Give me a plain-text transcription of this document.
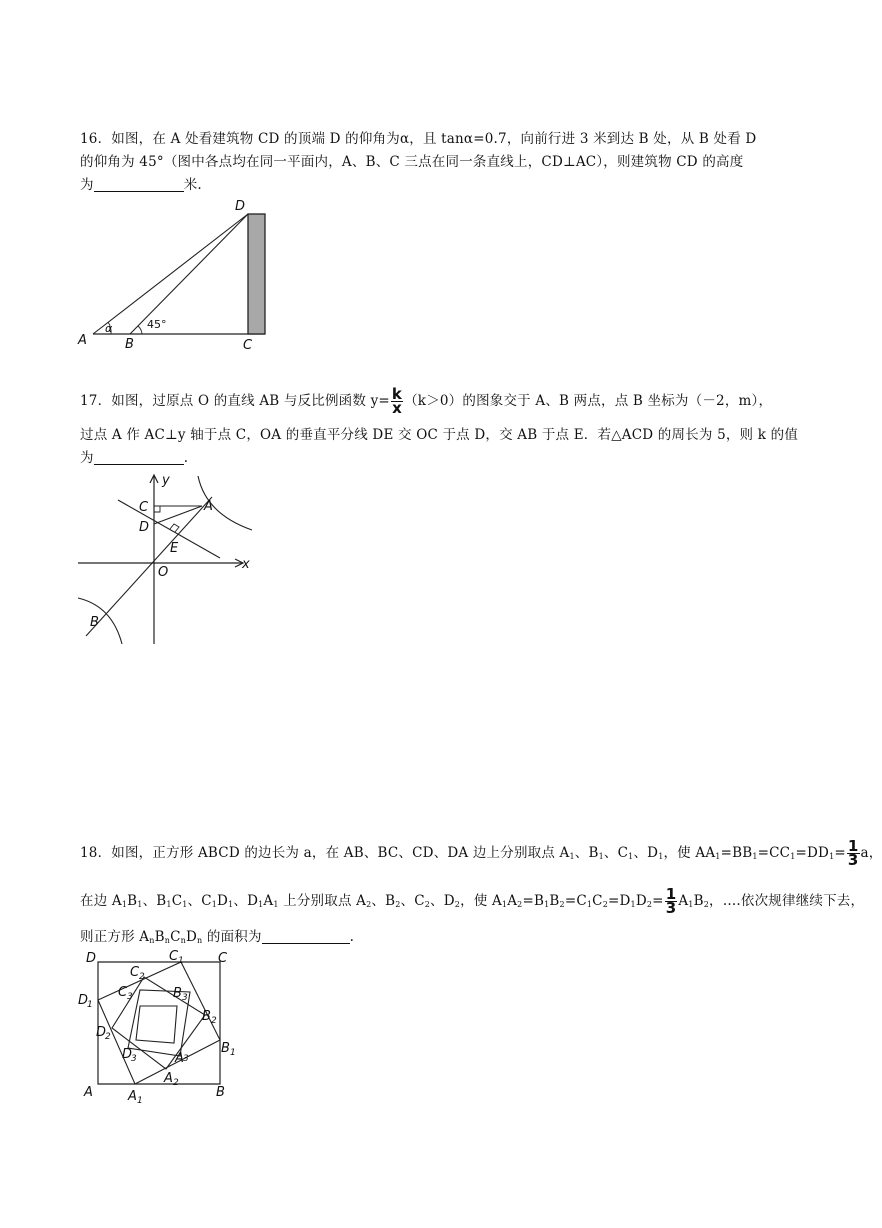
16．如图，在 A 处看建筑物 CD 的顶端 D 的仰角为α，且 tanα=0.7，向前行进 3 米到达 B 处，从 B 处看 D
的仰角为 45°（图中各点均在同一平面内，A、B、C 三点在同一条直线上，CD⊥AC），则建筑物 CD 的高度
为	米.
A	B	C
D
α	45°
17．如图，过原点 O 的直线 AB 与反比例函数 $y= \frac{k}{x} (k>0)$的图象交于 A、B 两点，点 B 坐标为（－2，m），
过点 A 作 AC⊥y 轴于点 C，OA 的垂直平分线 DE 交 OC 于点 D，交 AB 于点 E．若△ACD 的周长为 5，则 k 的值
为	.
y
x
O
A
B
C
D
E
18．如图，正方形 ABCD 的边长为 a，在 AB、BC、CD、DA 边上分别取点 $A_1$、$B_1$、$C_1$、$D_1$，使 $AA_1=BB_1=CC_1=DD_1= \frac{1}{3}$ a，
在边 $A_1B_1$、$B_1C_1$、$C_1D_1$、$D_1A_1$ 上分别取点 $A_2$、$B_2$、$C_2$、$D_2$，使 $A_1A_2=B_1B_2=C_1C_2=D_1D_2= \frac{1}{3} A_1B_2$，….依次规律继续下去，
则正方形 $A_nB_nC_nD_n$ 的面积为	.
A	B
C
D
A 1
B 1
C 1
D
1
A 2
B 2
C 2
D
2
A 3
B 3
C 3
D
3
